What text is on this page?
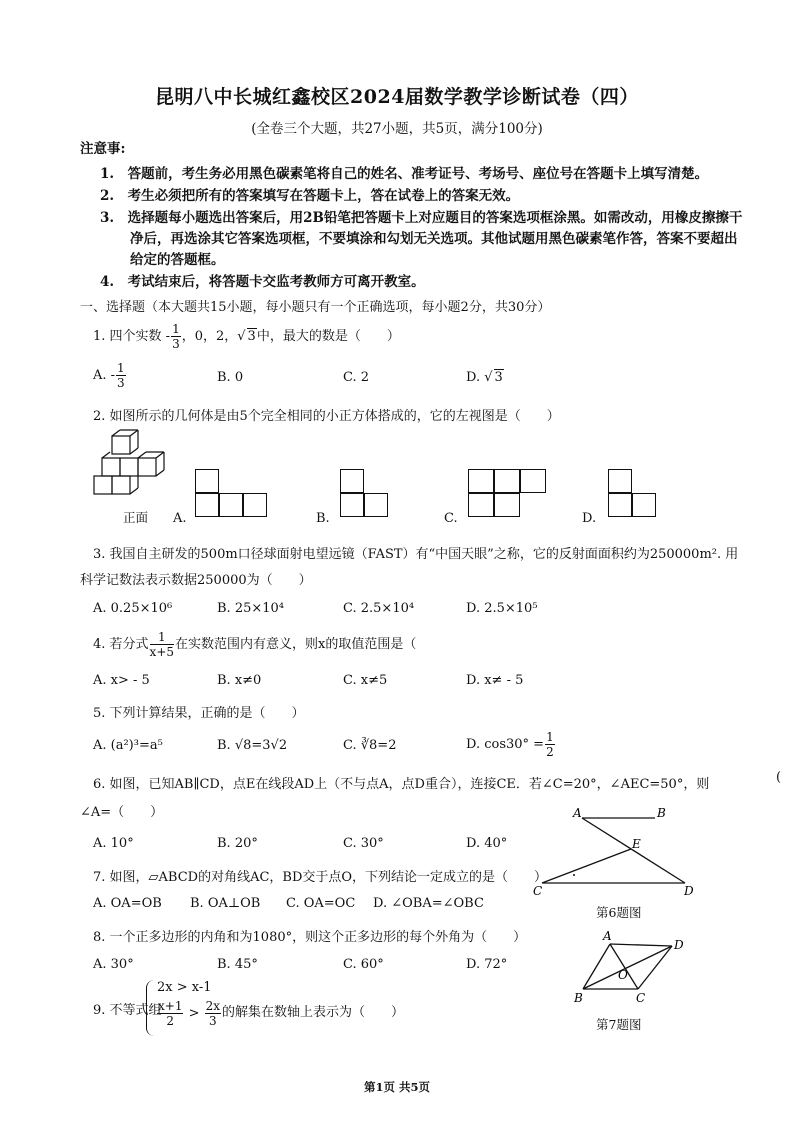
昆明八中长城红鑫校区2024届数学教学诊断试卷（四）
(全卷三个大题，共27小题，共5页，满分100分)
注意事:
1.　答题前，考生务必用黑色碳素笔将自己的姓名、准考证号、考场号、座位号在答题卡上填写清楚。
2.　考生必须把所有的答案填写在答题卡上，答在试卷上的答案无效。
3.　选择题每小题选出答案后，用2B铅笔把答题卡上对应题目的答案选项框涂黑。如需改动，用橡皮擦擦干
净后，再选涂其它答案选项框，不要填涂和勾划无关选项。其他试题用黑色碳素笔作答，答案不要超出
给定的答题框。
4.　考试结束后，将答题卡交监考教师方可离开教室。
一、选择题（本大题共15小题，每小题只有一个正确选项，每小题2分，共30分）
1. 四个实数 - $\frac{1}{3}$ ，0，2，√ 3中，最大的数是（　　）
A. - $\frac{1}{3}$	B. 0	C. 2	D. √ 3
2. 如图所示的几何体是由5个完全相同的小正方体搭成的，它的左视图是（　　）
正面 A.	B.	C.	D.
3. 我国自主研发的500m口径球面射电望远镜（FAST）有“中国天眼”之称，它的反射面面积约为250000m². 用
科学记数法表示数据250000为（　　）
A. 0.25×10⁶	B. 25×10⁴	C. 2.5×10⁴	D. 2.5×10⁵
4. 若分式 $\frac{1}{x+5}$ 在实数范围内有意义，则x的取值范围是（
A. x> - 5	B. x≠0	C. x≠5	D. x≠ - 5
5. 下列计算结果，正确的是（　　）
A. (a²)³=a⁵	B. √8=3√2	C. ∛8=2	D. $\cos 30^\circ = \frac{1}{2}$
6. 如图，已知AB∥CD，点E在线段AD上（不与点A，点D重合），连接CE．若∠C=20°，∠AEC=50°，则	(
∠A=（　　）
A. 10°	B. 20°	C. 30°	D. 40°
A	B
C	D
E
第6题图
7. 如图，▱ABCD的对角线AC，BD交于点O，下列结论一定成立的是（　　）
A. OA=OB B. OA⊥OB C. OA=OC D. ∠OBA=∠OBC
8. 一个正多边形的内角和为1080°，则这个正多边形的每个外角为（　　）
A. 30°	B. 45°	C. 60°	D. 72°
A
D
B	C
O
第7题图
9. 不等式组
2x > x-1
$\frac{x+1}{2} > \frac{2x}{3}$ 的解集在数轴上表示为（　　）
第1页 共5页
